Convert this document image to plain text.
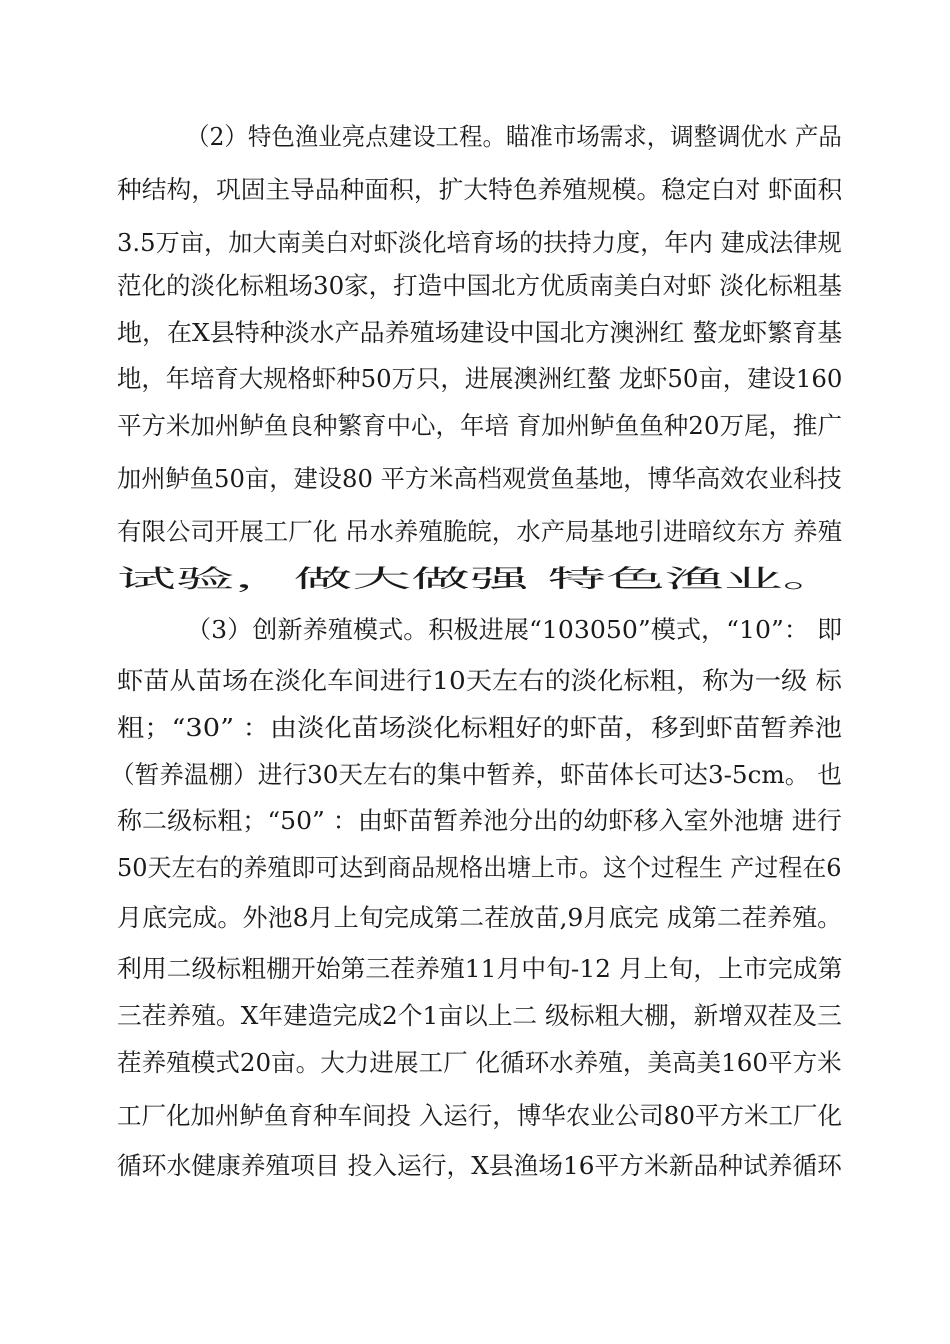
（2）特色渔业亮点建设工程。瞄准市场需求，调整调优水 产品
种结构，巩固主导品种面积，扩大特色养殖规模。稳定白对 虾面积
3.5万亩，加大南美白对虾淡化培育场的扶持力度，年内 建成法律规
范化的淡化标粗场30家，打造中国北方优质南美白对虾 淡化标粗基
地，在X县特种淡水产品养殖场建设中国北方澳洲红 螯龙虾繁育基
地，年培育大规格虾种50万只，进展澳洲红螯 龙虾50亩，建设160
平方米加州鲈鱼良种繁育中心，年培 育加州鲈鱼鱼种20万尾，推广
加州鲈鱼50亩，建设80 平方米高档观赏鱼基地，博华高效农业科技
有限公司开展工厂化 吊水养殖脆皖，水产局基地引进暗纹东方 养殖
试验，做大做强 特色渔业。
（3）创新养殖模式。积极进展“103050”模式，“10”： 即
虾苗从苗场在淡化车间进行10天左右的淡化标粗，称为一级 标
粗；“30” ：由淡化苗场淡化标粗好的虾苗，移到虾苗暂养池
（暂养温棚）进行30天左右的集中暂养，虾苗体长可达3-5cm。 也
称二级标粗；“50” ：由虾苗暂养池分出的幼虾移入室外池塘 进行
50天左右的养殖即可达到商品规格出塘上市。这个过程生 产过程在6
月底完成。外池8月上旬完成第二茬放苗,9月底完 成第二茬养殖。
利用二级标粗棚开始第三茬养殖11月中旬-12 月上旬，上市完成第
三茬养殖。X年建造完成2个1亩以上二 级标粗大棚，新增双茬及三
茬养殖模式20亩。大力进展工厂 化循环水养殖，美高美160平方米
工厂化加州鲈鱼育种车间投 入运行，博华农业公司80平方米工厂化
循环水健康养殖项目 投入运行，X县渔场16平方米新品种试养循环
